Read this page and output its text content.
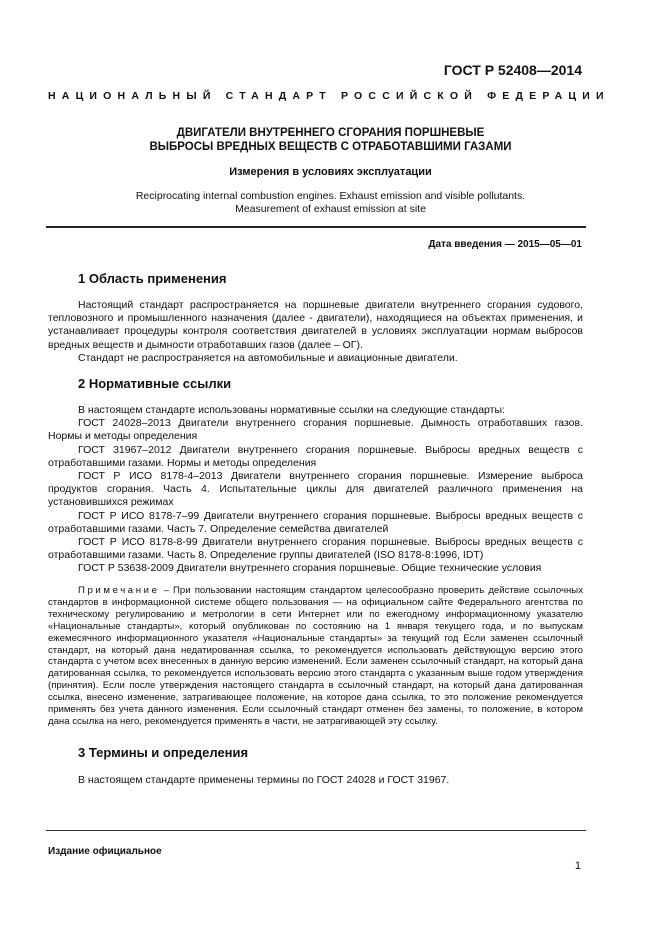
ГОСТ Р 52408—2014
НАЦИОНАЛЬНЫЙ СТАНДАРТ РОССИЙСКОЙ ФЕДЕРАЦИИ
ДВИГАТЕЛИ ВНУТРЕННЕГО СГОРАНИЯ ПОРШНЕВЫЕ
ВЫБРОСЫ ВРЕДНЫХ ВЕЩЕСТВ С ОТРАБОТАВШИМИ ГАЗАМИ
Измерения в условиях эксплуатации
Reciprocating internal combustion engines. Exhaust emission and visible pollutants.
Measurement of exhaust emission at site
Дата введения — 2015—05—01
1 Область применения

Настоящий стандарт распространяется на поршневые двигатели внутреннего сгорания судового, тепловозного и промышленного назначения (далее - двигатели), находящиеся на объектах применения, и устанавливает процедуры контроля соответствия двигателей в условиях эксплуатации нормам выбросов вредных веществ и дымности отработавших газов (далее – ОГ).

Стандарт не распространяется на автомобильные и авиационные двигатели.

2 Нормативные ссылки

В настоящем стандарте использованы нормативные ссылки на следующие стандарты:

ГОСТ 24028–2013 Двигатели внутреннего сгорания поршневые. Дымность отработавших газов. Нормы и методы определения

ГОСТ 31967–2012 Двигатели внутреннего сгорания поршневые. Выбросы вредных веществ с отработавшими газами. Нормы и методы определения

ГОСТ Р ИСО 8178-4–2013 Двигатели внутреннего сгорания поршневые. Измерение выброса продуктов сгорания. Часть 4. Испытательные циклы для двигателей различного применения на установившихся режимах

ГОСТ Р ИСО 8178-7–99 Двигатели внутреннего сгорания поршневые. Выбросы вредных веществ с отработавшими газами. Часть 7. Определение семейства двигателей

ГОСТ Р ИСО 8178-8-99 Двигатели внутреннего сгорания поршневые. Выбросы вредных веществ с отработавшими газами. Часть 8. Определение группы двигателей (ISO 8178-8:1996, IDT)

ГОСТ Р 53638-2009 Двигатели внутреннего сгорания поршневые. Общие технические условия

Примечание – При пользовании настоящим стандартом целесообразно проверить действие ссылочных стандартов в информационной системе общего пользования — на официальном сайте Федерального агентства по техническому регулированию и метрологии в сети Интернет или по ежегодному информационному указателю «Национальные стандарты», который опубликован по состоянию на 1 января текущего года, и по выпускам ежемесячного информационного указателя «Национальные стандарты» за текущий год Если заменен ссылочный стандарт, на который дана недатированная ссылка, то рекомендуется использовать действующую версию этого стандарта с учетом всех внесенных в данную версию изменений. Если заменен ссылочный стандарт, на который дана датированная ссылка, то рекомендуется использовать версию этого стандарта с указанным выше годом утверждения (принятия). Если после утверждения настоящего стандарта в ссылочный стандарт, на который дана датированная ссылка, внесено изменение, затрагивающее положение, на которое дана ссылка, то это положение рекомендуется применять без учета данного изменения. Если ссылочный стандарт отменен без замены, то положение, в котором дана ссылка на него, рекомендуется применять в части, не затрагивающей эту ссылку.

3 Термины и определения

В настоящем стандарте применены термины по ГОСТ 24028 и ГОСТ 31967.

Издание официальное
1
